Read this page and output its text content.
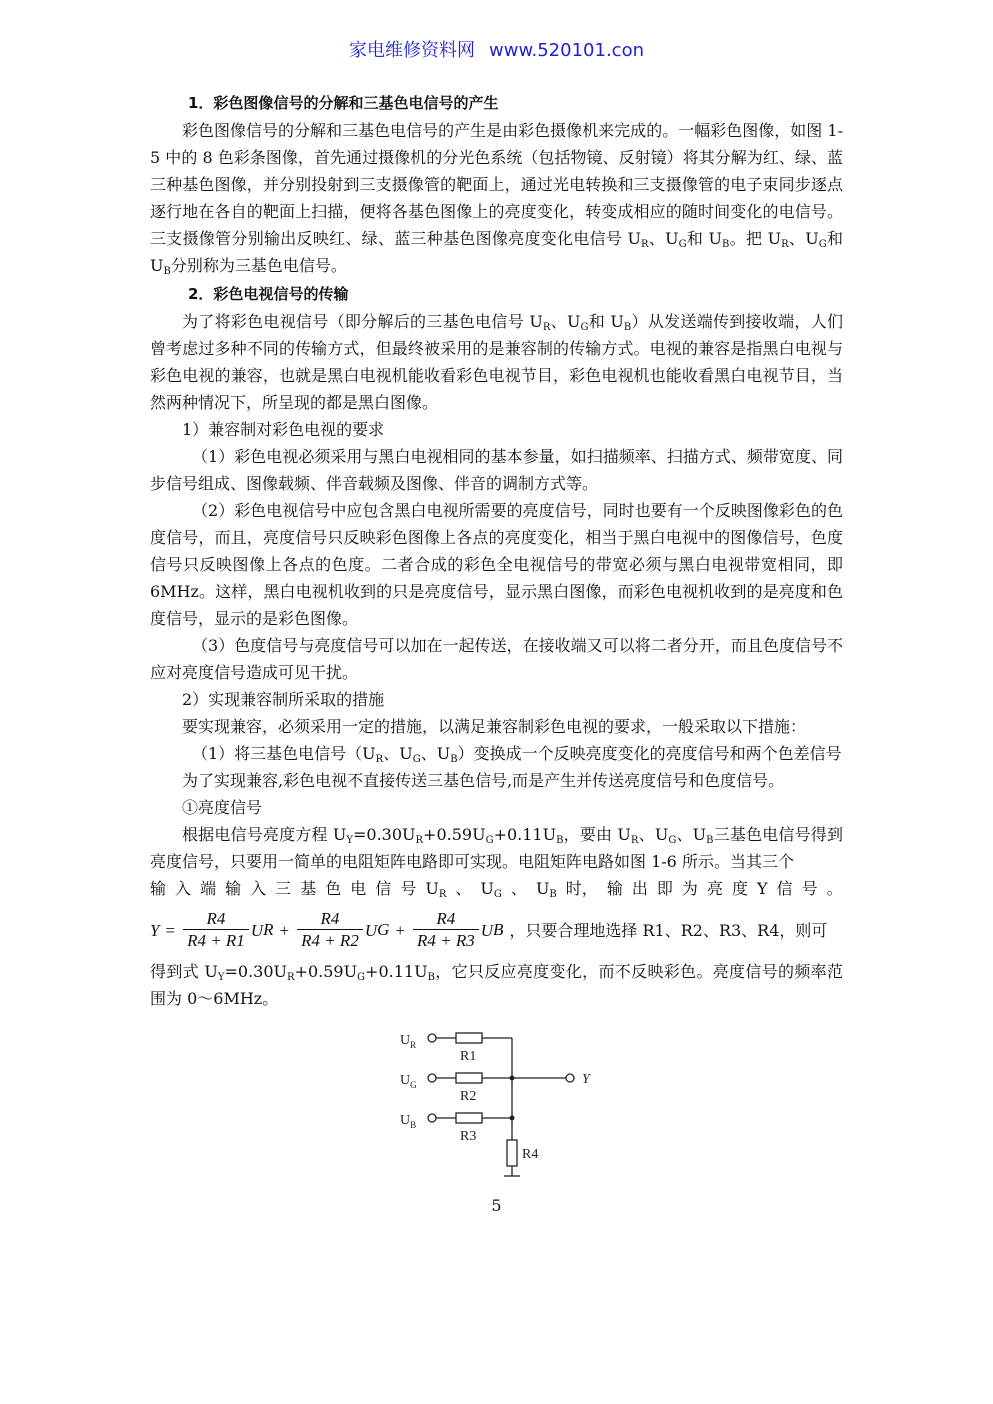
家电维修资料网 www.520101.con

1．彩色图像信号的分解和三基色电信号的产生

彩色图像信号的分解和三基色电信号的产生是由彩色摄像机来完成的。一幅彩色图像，如图 1-5 中的 8 色彩条图像，首先通过摄像机的分光色系统（包括物镜、反射镜）将其分解为红、绿、蓝三种基色图像，并分别投射到三支摄像管的靶面上，通过光电转换和三支摄像管的电子束同步逐点逐行地在各自的靶面上扫描，便将各基色图像上的亮度变化，转变成相应的随时间变化的电信号。三支摄像管分别输出反映红、绿、蓝三种基色图像亮度变化电信号 $U_R$、$U_G$和 $U_B$。把 $U_R$、$U_G$和 $U_B$分别称为三基色电信号。

2．彩色电视信号的传输

为了将彩色电视信号（即分解后的三基色电信号 $U_R$、$U_G$和 $U_B$）从发送端传到接收端，人们曾考虑过多种不同的传输方式，但最终被采用的是兼容制的传输方式。电视的兼容是指黑白电视与彩色电视的兼容，也就是黑白电视机能收看彩色电视节目，彩色电视机也能收看黑白电视节目，当然两种情况下，所呈现的都是黑白图像。

1）兼容制对彩色电视的要求

（1）彩色电视必须采用与黑白电视相同的基本参量，如扫描频率、扫描方式、频带宽度、同步信号组成、图像载频、伴音载频及图像、伴音的调制方式等。

（2）彩色电视信号中应包含黑白电视所需要的亮度信号，同时也要有一个反映图像彩色的色度信号，而且，亮度信号只反映彩色图像上各点的亮度变化，相当于黑白电视中的图像信号，色度信号只反映图像上各点的色度。二者合成的彩色全电视信号的带宽必须与黑白电视带宽相同，即 6MHz。这样，黑白电视机收到的只是亮度信号，显示黑白图像，而彩色电视机收到的是亮度和色度信号，显示的是彩色图像。

（3）色度信号与亮度信号可以加在一起传送，在接收端又可以将二者分开，而且色度信号不应对亮度信号造成可见干扰。

2）实现兼容制所采取的措施

要实现兼容，必须采用一定的措施，以满足兼容制彩色电视的要求，一般采取以下措施：

（1）将三基色电信号（$U_R$、$U_G$、$U_B$）变换成一个反映亮度变化的亮度信号和两个色差信号

为了实现兼容,彩色电视不直接传送三基色信号,而是产生并传送亮度信号和色度信号。

①亮度信号

根据电信号亮度方程 $U_Y=0.30U_R+0.59U_G+0.11U_B$，要由 $U_R$、$U_G$、$U_B$三基色电信号得到亮度信号，只要用一简单的电阻矩阵电路即可实现。电阻矩阵电路如图 1-6 所示。当其三个

输 入 端 输 入 三 基 色 电 信 号 $U_R$ 、 $U_G$ 、 $U_B$ 时， 输 出 即 为 亮 度 Y 信 号 。

$Y = \frac{R4}{R4 + R1}$ U $R + \frac{R4}{R4 + R2}$ U $G + \frac{R4}{R4 + R3}$ U B ，只要合理地选择 R1、R2、R3、R4，则可

得到式 $U_Y=0.30U_R+0.59U_G+0.11U_B$，它只反应亮度变化，而不反映彩色。亮度信号的频率范围为 0～6MHz。

$U_R$
$U_G$
$U_B$
R1
R2
R3
R4
Y
5
